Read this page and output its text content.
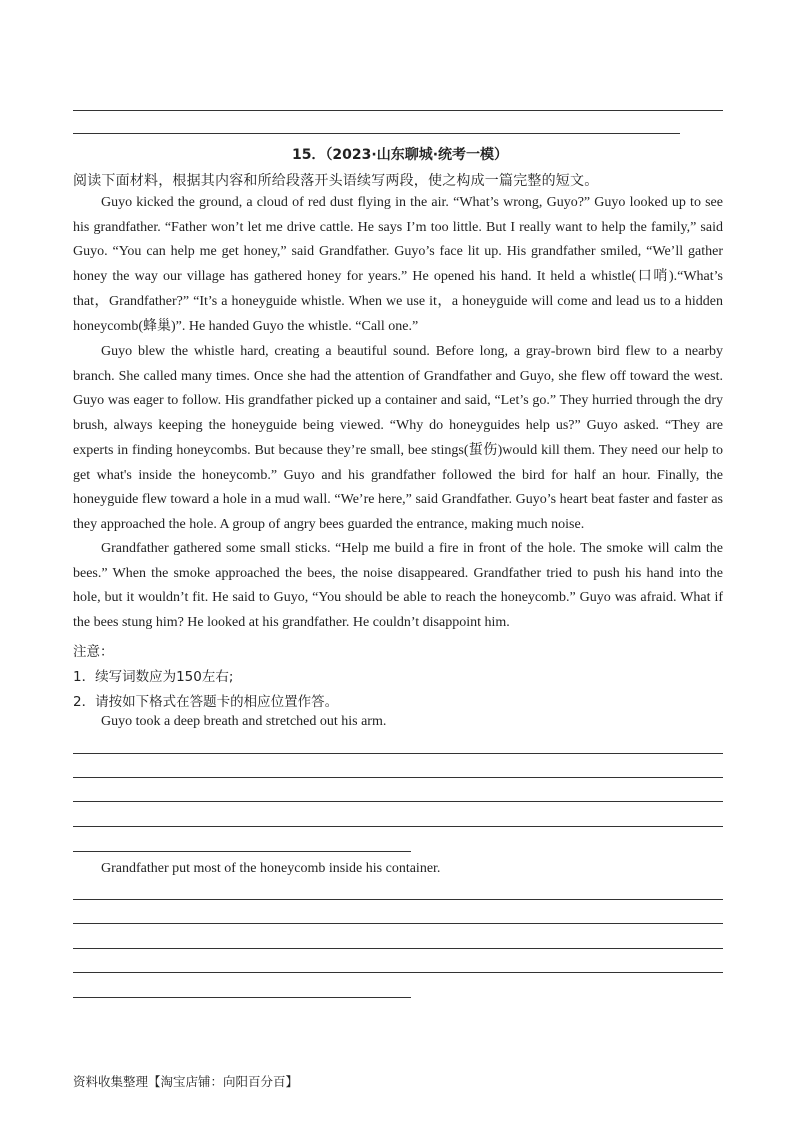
15．（2023·山东聊城·统考一模）
阅读下面材料，根据其内容和所给段落开头语续写两段，使之构成一篇完整的短文。

Guyo kicked the ground, a cloud of red dust flying in the air. “What’s wrong, Guyo?” Guyo looked up to see his grandfather. “Father won’t let me drive cattle. He says I’m too little. But I really want to help the family,” said Guyo. “You can help me get honey,” said Grandfather. Guyo’s face lit up. His grandfather smiled, “We’ll gather honey the way our village has gathered honey for years.” He opened his hand. It held a whistle(口哨).“What’s that，Grandfather?” “It’s a honeyguide whistle. When we use it，a honeyguide will come and lead us to a hidden honeycomb(蜂巢)”. He handed Guyo the whistle. “Call one.”

Guyo blew the whistle hard, creating a beautiful sound. Before long, a gray-brown bird flew to a nearby branch. She called many times. Once she had the attention of Grandfather and Guyo, she flew off toward the west. Guyo was eager to follow. His grandfather picked up a container and said, “Let’s go.” They hurried through the dry brush, always keeping the honeyguide being viewed. “Why do honeyguides help us?” Guyo asked. “They are experts in finding honeycombs. But because they’re small, bee stings(蜇伤)would kill them. They need our help to get what's inside the honeycomb.” Guyo and his grandfather followed the bird for half an hour. Finally, the honeyguide flew toward a hole in a mud wall. “We’re here,” said Grandfather. Guyo’s heart beat faster and faster as they approached the hole. A group of angry bees guarded the entrance, making much noise.

Grandfather gathered some small sticks. “Help me build a fire in front of the hole. The smoke will calm the bees.” When the smoke approached the bees, the noise disappeared. Grandfather tried to push his hand into the hole, but it wouldn’t fit. He said to Guyo, “You should be able to reach the honeycomb.” Guyo was afraid. What if the bees stung him? He looked at his grandfather. He couldn’t disappoint him.

注意：

1．续写词数应为150左右;

2．请按如下格式在答题卡的相应位置作答。

Guyo took a deep breath and stretched out his arm.

Grandfather put most of the honeycomb inside his container.

资料收集整理【淘宝店铺：向阳百分百】
